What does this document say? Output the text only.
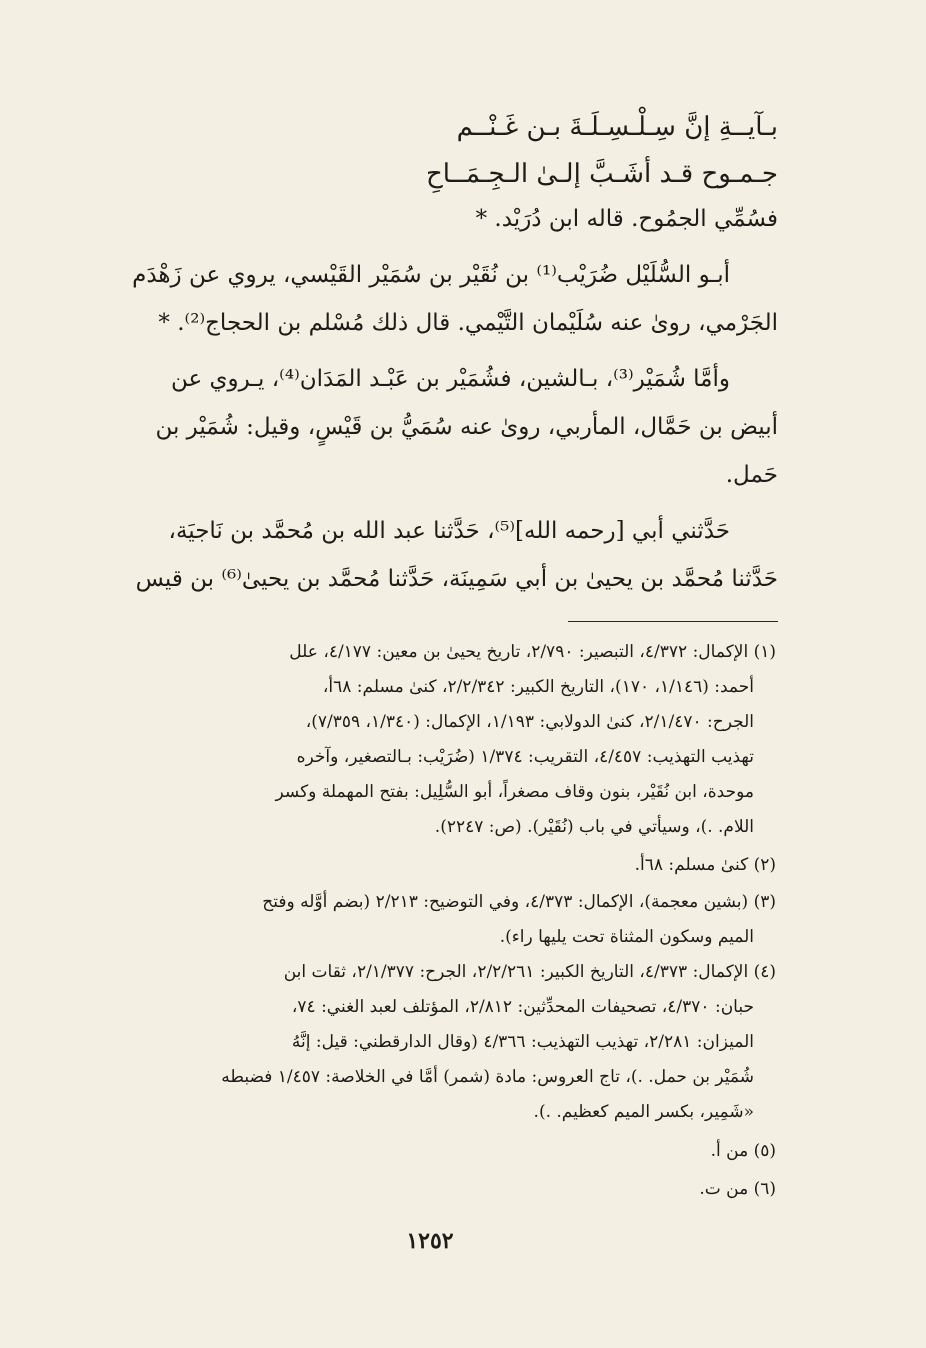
بـآيــةِ إنَّ سِـلْـسِـلَـةَ بـن غَـنْــم
جـمـوح قـد أشَـبَّ إلـىٰ الـجِـمَــاحِ
فسُمِّي الجمُوح. قاله ابن دُرَيْد. *
أبـو السُّلَيْل ضُرَيْب⁽¹⁾ بن نُقَيْر بن سُمَيْر القَيْسي، يروي عن زَهْدَم
الجَرْمي، روىٰ عنه سُلَيْمان التَّيْمي. قال ذلك مُسْلم بن الحجاج⁽²⁾. *
وأمَّا شُمَيْر⁽³⁾، بـالشين، فشُمَيْر بن عَبْـد المَدَان⁽⁴⁾، يـروي عن
أبيض بن حَمَّال، المأربي، روىٰ عنه سُمَيُّ بن قَيْسٍ، وقيل: شُمَيْر بن
حَمل.
حَدَّثني أبي [رحمه الله]⁽⁵⁾، حَدَّثنا عبد الله بن مُحمَّد بن نَاجيَة،
حَدَّثنا مُحمَّد بن يحيىٰ بن أبي سَمِينَة، حَدَّثنا مُحمَّد بن يحيىٰ⁽⁶⁾ بن قيس
(١) الإكمال: ٤/٣٧٢، التبصير: ٢/٧٩٠، تاريخ يحيىٰ بن معين: ٤/١٧٧، علل
أحمد: (١/١٤٦، ١٧٠)، التاريخ الكبير: ٢/٢/٣٤٢، كنىٰ مسلم: ٦٨أ،
الجرح: ٢/١/٤٧٠، كنىٰ الدولابي: ١/١٩٣، الإكمال: (١/٣٤٠، ٧/٣٥٩)،
تهذيب التهذيب: ٤/٤٥٧، التقريب: ١/٣٧٤ (ضُرَيْب: بـالتصغير، وآخره
موحدة، ابن نُقَيْر، بنون وقاف مصغراً، أبو السُّلِيل: بفتح المهملة وكسر
اللام. .)، وسيأتي في باب (نُقَيْر). (ص: ٢٢٤٧).
(٢) كنىٰ مسلم: ٦٨أ.
(٣) (بشين معجمة)، الإكمال: ٤/٣٧٣، وفي التوضيح: ٢/٢١٣ (بضم أوَّله وفتح
الميم وسكون المثناة تحت يليها راء).
(٤) الإكمال: ٤/٣٧٣، التاريخ الكبير: ٢/٢/٢٦١، الجرح: ٢/١/٣٧٧، ثقات ابن
حبان: ٤/٣٧٠، تصحيفات المحدِّثين: ٢/٨١٢، المؤتلف لعبد الغني: ٧٤،
الميزان: ٢/٢٨١، تهذيب التهذيب: ٤/٣٦٦ (وقال الدارقطني: قيل: إنَّهُ
شُمَيْر بن حمل. .)، تاج العروس: مادة (شمر) أمَّا في الخلاصة: ١/٤٥٧ فضبطه
«شَمِير، بكسر الميم كعظيم. .).
(٥) من أ.
(٦) من ت.
١٢٥٢
